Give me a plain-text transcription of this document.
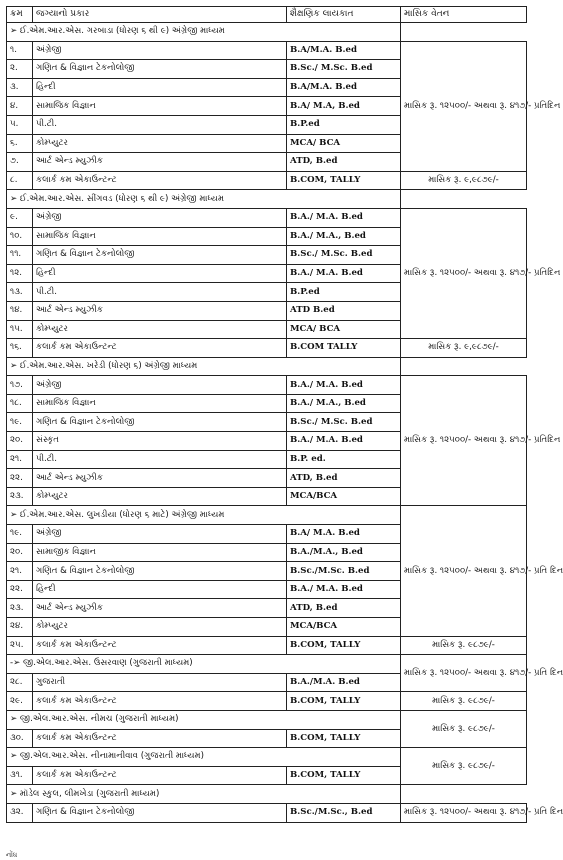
ક્રમ	જગ્યાનો પ્રકાર	શૈક્ષણિક લાયકાત	માસિક વેતન
➢ ઈ.એમ.આર.એસ. ગરબાડા (ધોરણ ૬ થી ૯) અંગ્રેજી માધ્યમ			
૧.	અંગ્રેજી	B.A/M.A. B.ed	માસિક રૂ. ૧૨૫૦૦/- અથવા રૂ. ૪૧૭/- પ્રતિદિન
૨.	ગણિત & વિજ્ઞાન ટેકનોલોજી	B.Sc./ M.Sc. B.ed	
૩.	હિન્દી	B.A/M.A. B.ed	
૪.	સામાજિક વિજ્ઞાન	B.A/ M.A, B.ed	
૫.	પી.ટી.	B.P.ed	
૬.	કોમ્પ્યુટર	MCA/ BCA	
૭.	આર્ટ એન્ડ મ્યુઝીક	ATD, B.ed	
૮.	કલાર્ક કમ એકાઉન્ટન્ટ	B.COM, TALLY	માસિક રૂ. ૯,૯૮૭૯/-
➢ ઈ.એમ.આર.એસ. સીંગવડ (ધોરણ ૬ થી ૯) અંગ્રેજી માધ્યમ			
૯.	અંગ્રેજી	B.A./ M.A. B.ed	માસિક રૂ. ૧૨૫૦૦/- અથવા રૂ. ૪૧૭/- પ્રતિદિન
૧૦.	સામાજિક વિજ્ઞાન	B.A./ M.A., B.ed	
૧૧.	ગણિત & વિજ્ઞાન ટેકનોલોજી	B.Sc./ M.Sc. B.ed	
૧૨.	હિન્દી	B.A./ M.A. B.ed	
૧૩.	પી.ટી.	B.P.ed	
૧૪.	આર્ટ એન્ડ મ્યુઝીક	ATD B.ed	
૧૫.	કોમ્પ્યુટર	MCA/ BCA	
૧૬.	કલાર્ક કમ એકાઉન્ટન્ટ	B.COM TALLY	માસિક રૂ. ૯,૯૮૭૯/-
➢ ઈ.એમ.આર.એસ. ખરેડી (ધોરણ ૬) અંગ્રેજી માધ્યમ			
૧૭.	અંગ્રેજી	B.A./ M.A. B.ed	માસિક રૂ. ૧૨૫૦૦/- અથવા રૂ. ૪૧૭/- પ્રતિદિન
૧૮.	સામાજિક વિજ્ઞાન	B.A./ M.A., B.ed	
૧૯.	ગણિત & વિજ્ઞાન ટેકનોલોજી	B.Sc./ M.Sc. B.ed	
૨૦.	સંસ્કૃત	B.A./ M.A. B.ed	
૨૧.	પી.ટી.	B.P. ed.	
૨૨.	આર્ટ એન્ડ મ્યુઝીક	ATD, B.ed	
૨૩.	કોમ્પ્યુટર	MCA/BCA	
➢ ઈ.એમ.આર.એસ. લુખડીયા (ધોરણ ૬ માટે) અંગ્રેજી માધ્યમ			માસિક રૂ. ૧૨૫૦૦/- અથવા રૂ. ૪૧૭/- પ્રતિ દિન
૧૯.	અંગ્રેજી	B.A/ M.A. B.ed	
૨૦.	સામાજીક વિજ્ઞાન	B.A./M.A., B.ed	
૨૧.	ગણિત & વિજ્ઞાન ટેકનોલોજી	B.Sc./M.Sc. B.ed	
૨૨.	હિન્દી	B.A./ M.A. B.ed	
૨૩.	આર્ટ એન્ડ મ્યુઝીક	ATD, B.ed	
૨૪.	કોમ્પ્યુટર	MCA/BCA	
૨૫.	કલાર્ક કમ એકાઉન્ટન્ટ	B.COM, TALLY	માસિક રૂ. ૯૮૭૯/-
-➢ જી.એલ.આર.એસ. ઉસરવાણ (ગુજરાતી માધ્યમ)			માસિક રૂ. ૧૨૫૦૦/- અથવા રૂ. ૪૧૭/- પ્રતિ દિન
૨૮.	ગુજરાતી	B.A./M.A. B.ed	
૨૯.	કલાર્ક કમ એકાઉન્ટન્ટ	B.COM, TALLY	માસિક રૂ. ૯૮૭૯/-
➢ જી.એલ.આર.એસ. નીમચ (ગુજરાતી માધ્યમ)			માસિક રૂ. ૯૮૭૯/-
૩૦.	કલાર્ક કમ એકાઉન્ટન્ટ	B.COM, TALLY	
➢ જી.એલ.આર.એસ. નીનામાનીવાવ (ગુજરાતી માધ્યમ)			માસિક રૂ. ૯૮૭૯/-
૩૧.	કલાર્ક કમ એકાઉન્ટન્ટ	B.COM, TALLY	
➢ મૉડેલ સ્કુલ, લીમખેડા (ગુજરાતી માધ્યમ)			
૩૨.	ગણિત & વિજ્ઞાન ટેકનોલોજી	B.Sc./M.Sc., B.ed	માસિક રૂ. ૧૨૫૦૦/- અથવા રૂ. ૪૧૭/- પ્રતિ દિન
નોંધ
